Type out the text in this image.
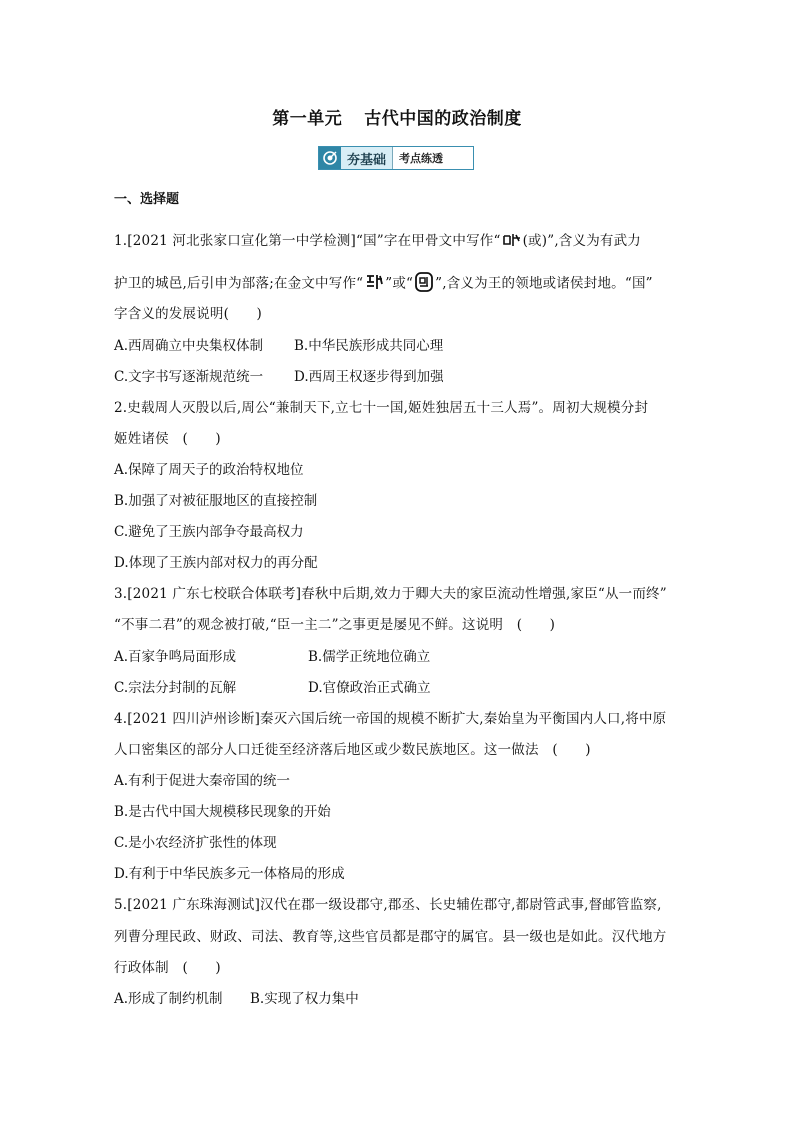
第一单元 古代中国的政治制度
夯基础	考点练透
一、选择题
1.[2021 河北张家口宣化第一中学检测]“国”字在甲骨文中写作“ (或)”,含义为有武力
护卫的城邑,后引申为部落;在金文中写作“ ”或“ ”,含义为王的领地或诸侯封地。“国”
字含义的发展说明(　　)
A.西周确立中央集权体制 B.中华民族形成共同心理
C.文字书写逐渐规范统一 D.西周王权逐步得到加强
2.史载周人灭殷以后,周公“兼制天下,立七十一国,姬姓独居五十三人焉”。周初大规模分封
姬姓诸侯　(　　)
A.保障了周天子的政治特权地位
B.加强了对被征服地区的直接控制
C.避免了王族内部争夺最高权力
D.体现了王族内部对权力的再分配
3.[2021 广东七校联合体联考]春秋中后期,效力于卿大夫的家臣流动性增强,家臣“从一而终”
“不事二君”的观念被打破,“臣一主二”之事更是屡见不鲜。这说明　(　　)
A.百家争鸣局面形成	B.儒学正统地位确立
C.宗法分封制的瓦解	D.官僚政治正式确立
4.[2021 四川泸州诊断]秦灭六国后统一帝国的规模不断扩大,秦始皇为平衡国内人口,将中原
人口密集区的部分人口迁徙至经济落后地区或少数民族地区。这一做法　(　　)
A.有利于促进大秦帝国的统一
B.是古代中国大规模移民现象的开始
C.是小农经济扩张性的体现
D.有利于中华民族多元一体格局的形成
5.[2021 广东珠海测试]汉代在郡一级设郡守,郡丞、长史辅佐郡守,都尉管武事,督邮管监察,
列曹分理民政、财政、司法、教育等,这些官员都是郡守的属官。县一级也是如此。汉代地方
行政体制　(　　)
A.形成了制约机制 B.实现了权力集中
